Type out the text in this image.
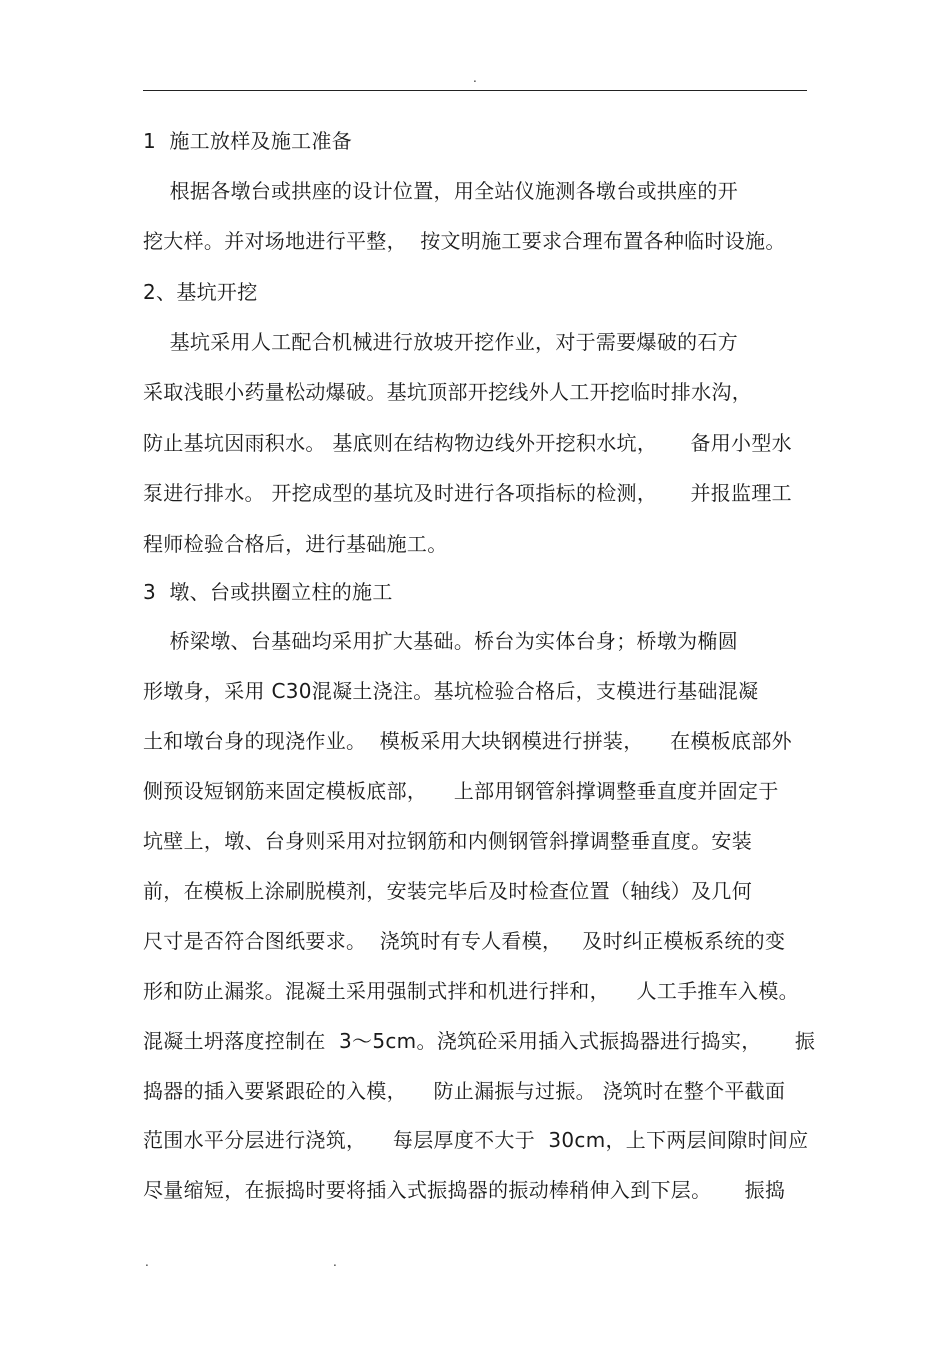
.
1  施工放样及施工准备
根据各墩台或拱座的设计位置，用全站仪施测各墩台或拱座的开
挖大样。并对场地进行平整，  按文明施工要求合理布置各种临时设施。
2、基坑开挖
基坑采用人工配合机械进行放坡开挖作业，对于需要爆破的石方
采取浅眼小药量松动爆破。基坑顶部开挖线外人工开挖临时排水沟，
防止基坑因雨积水。 基底则在结构物边线外开挖积水坑，     备用小型水
泵进行排水。 开挖成型的基坑及时进行各项指标的检测，     并报监理工
程师检验合格后，进行基础施工。
3  墩、台或拱圈立柱的施工
桥梁墩、台基础均采用扩大基础。桥台为实体台身；桥墩为椭圆
形墩身，采用 C30混凝土浇注。基坑检验合格后，支模进行基础混凝
土和墩台身的现浇作业。  模板采用大块钢模进行拼装，    在模板底部外
侧预设短钢筋来固定模板底部，    上部用钢管斜撑调整垂直度并固定于
坑壁上，墩、台身则采用对拉钢筋和内侧钢管斜撑调整垂直度。安装
前，在模板上涂刷脱模剂，安装完毕后及时检查位置（轴线）及几何
尺寸是否符合图纸要求。  浇筑时有专人看模，   及时纠正模板系统的变
形和防止漏浆。混凝土采用强制式拌和机进行拌和，    人工手推车入模。
混凝土坍落度控制在  3～5cm。浇筑砼采用插入式振捣器进行捣实，     振
捣器的插入要紧跟砼的入模，    防止漏振与过振。 浇筑时在整个平截面
范围水平分层进行浇筑，    每层厚度不大于  30cm，上下两层间隙时间应
尽量缩短，在振捣时要将插入式振捣器的振动棒稍伸入到下层。     振捣
.	.
